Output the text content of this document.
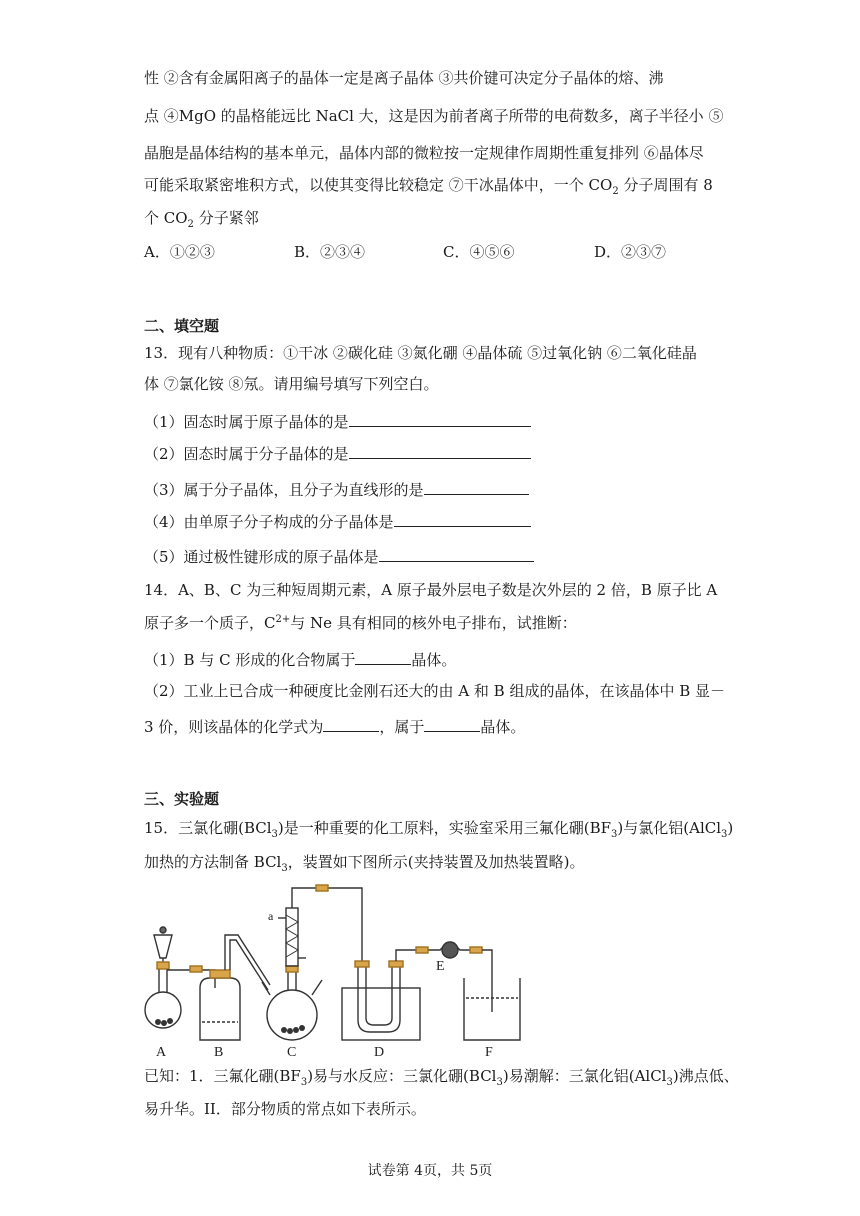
性 ②含有金属阳离子的晶体一定是离子晶体 ③共价键可决定分子晶体的熔、沸
点 ④MgO 的晶格能远比 NaCl 大，这是因为前者离子所带的电荷数多，离子半径小 ⑤
晶胞是晶体结构的基本单元，晶体内部的微粒按一定规律作周期性重复排列 ⑥晶体尽
可能采取紧密堆积方式，以使其变得比较稳定 ⑦干冰晶体中，一个 $CO_2$ 分子周围有 8
个 $CO_2$ 分子紧邻
A．①②③	B．②③④	C．④⑤⑥	D．②③⑦
二、填空题
13．现有八种物质：①干冰 ②碳化硅 ③氮化硼 ④晶体硫 ⑤过氧化钠 ⑥二氧化硅晶
体 ⑦氯化铵 ⑧氖。请用编号填写下列空白。
（1）固态时属于原子晶体的是
（2）固态时属于分子晶体的是
（3）属于分子晶体，且分子为直线形的是
（4）由单原子分子构成的分子晶体是
（5）通过极性键形成的原子晶体是
14．A、B、C 为三种短周期元素，A 原子最外层电子数是次外层的 2 倍，B 原子比 A
原子多一个质子，$C^{2+}$与 Ne 具有相同的核外电子排布，试推断：
（1）B 与 C 形成的化合物属于	晶体。
（2）工业上已合成一种硬度比金刚石还大的由 A 和 B 组成的晶体，在该晶体中 B 显－
3 价，则该晶体的化学式为	，属于	晶体。
三、实验题
15．三氯化硼(BCl$_3$)是一种重要的化工原料，实验室采用三氟化硼$(BF_3)$与氯化铝(AlCl$_3$)
加热的方法制备 BCl$_3$，装置如下图所示(夹持装置及加热装置略)。
A	B	C	D
E
F
a
已知：1．三氟化硼$(BF_3)$易与水反应：三氯化硼(BCl$_3$)易潮解：三氯化铝(AlCl$_3$)沸点低、
易升华。II．部分物质的常点如下表所示。
试卷第 4页，共 5页
